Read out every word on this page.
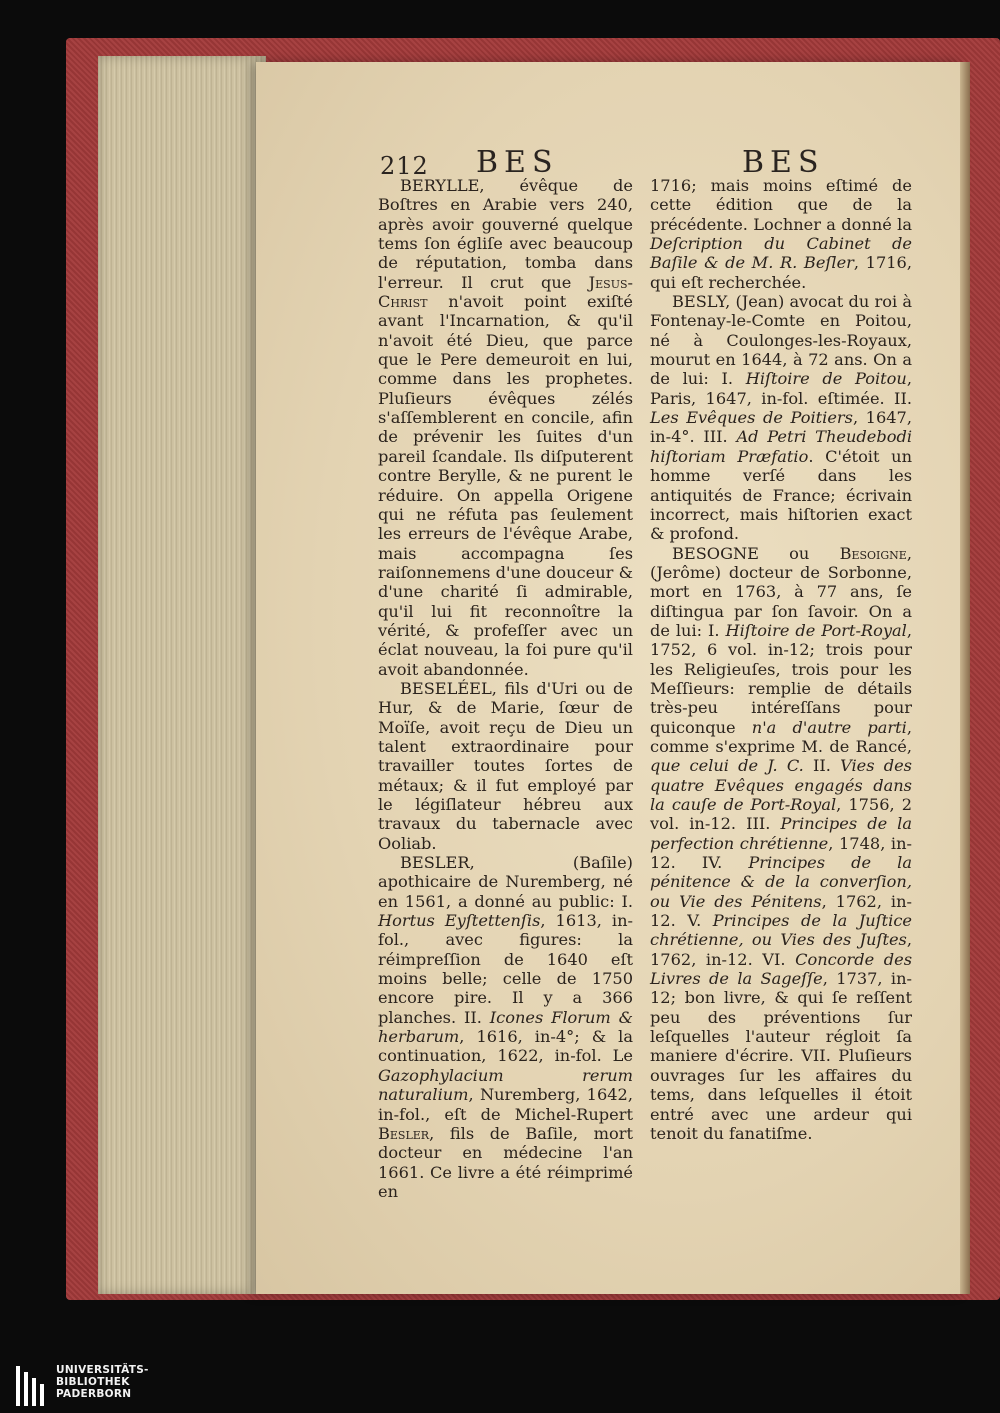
212 BES	BES

BERYLLE, évêque de Boſtres en Arabie vers 240, après avoir gouverné quelque tems ſon égliſe avec beaucoup de réputation, tomba dans l'erreur. Il crut que Jesus-Christ n'avoit point exiſté avant l'Incarnation, & qu'il n'avoit été Dieu, que parce que le Pere demeuroit en lui, comme dans les prophetes. Pluſieurs évêques zélés s'aſſemblerent en concile, afin de prévenir les ſuites d'un pareil ſcandale. Ils diſputerent contre Berylle, & ne purent le réduire. On appella Origene qui ne réfuta pas ſeulement les erreurs de l'évêque Arabe, mais accompagna ſes raiſonnemens d'une douceur & d'une charité ſi admirable, qu'il lui fit reconnoître la vérité, & profeſſer avec un éclat nouveau, la foi pure qu'il avoit abandonnée.

BESELÉEL, fils d'Uri ou de Hur, & de Marie, ſœur de Moïſe, avoit reçu de Dieu un talent extraordinaire pour travailler toutes ſortes de métaux; & il fut employé par le légiſlateur hébreu aux travaux du tabernacle avec Ooliab.

BESLER, (Baſile) apothicaire de Nuremberg, né en 1561, a donné au public: I. Hortus Eyſtettenſis, 1613, in-fol., avec figures: la réimpreſſion de 1640 eſt moins belle; celle de 1750 encore pire. Il y a 366 planches. II. Icones Florum & herbarum, 1616, in-4°; & la continuation, 1622, in-fol. Le Gazophylacium rerum naturalium, Nuremberg, 1642, in-fol., eſt de Michel-Rupert Besler, fils de Baſile, mort docteur en médecine l'an 1661. Ce livre a été réimprimé en

1716; mais moins eſtimé de cette édition que de la précédente. Lochner a donné la Deſcription du Cabinet de Baſile & de M. R. Beſler, 1716, qui eſt recherchée.

BESLY, (Jean) avocat du roi à Fontenay-le-Comte en Poitou, né à Coulonges-les-Royaux, mourut en 1644, à 72 ans. On a de lui: I. Hiſtoire de Poitou, Paris, 1647, in-fol. eſtimée. II. Les Evêques de Poitiers, 1647, in-4°. III. Ad Petri Theudebodi hiſtoriam Præfatio. C'étoit un homme verſé dans les antiquités de France; écrivain incorrect, mais hiſtorien exact & profond.

BESOGNE ou Besoigne, (Jerôme) docteur de Sorbonne, mort en 1763, à 77 ans, ſe diſtingua par ſon ſavoir. On a de lui: I. Hiſtoire de Port-Royal, 1752, 6 vol. in-12; trois pour les Religieuſes, trois pour les Meſſieurs: remplie de détails très-peu intéreſſans pour quiconque n'a d'autre parti, comme s'exprime M. de Rancé, que celui de J. C. II. Vies des quatre Evêques engagés dans la cauſe de Port-Royal, 1756, 2 vol. in-12. III. Principes de la perfection chrétienne, 1748, in-12. IV. Principes de la pénitence & de la converſion, ou Vie des Pénitens, 1762, in-12. V. Principes de la Juſtice chrétienne, ou Vies des Juſtes, 1762, in-12. VI. Concorde des Livres de la Sageſſe, 1737, in-12; bon livre, & qui ſe reſſent peu des préventions ſur leſquelles l'auteur régloit ſa maniere d'écrire. VII. Pluſieurs ouvrages ſur les affaires du tems, dans leſquelles il étoit entré avec une ardeur qui tenoit du fanatiſme.

UNIVERSITÄTS-
BIBLIOTHEK
PADERBORN
